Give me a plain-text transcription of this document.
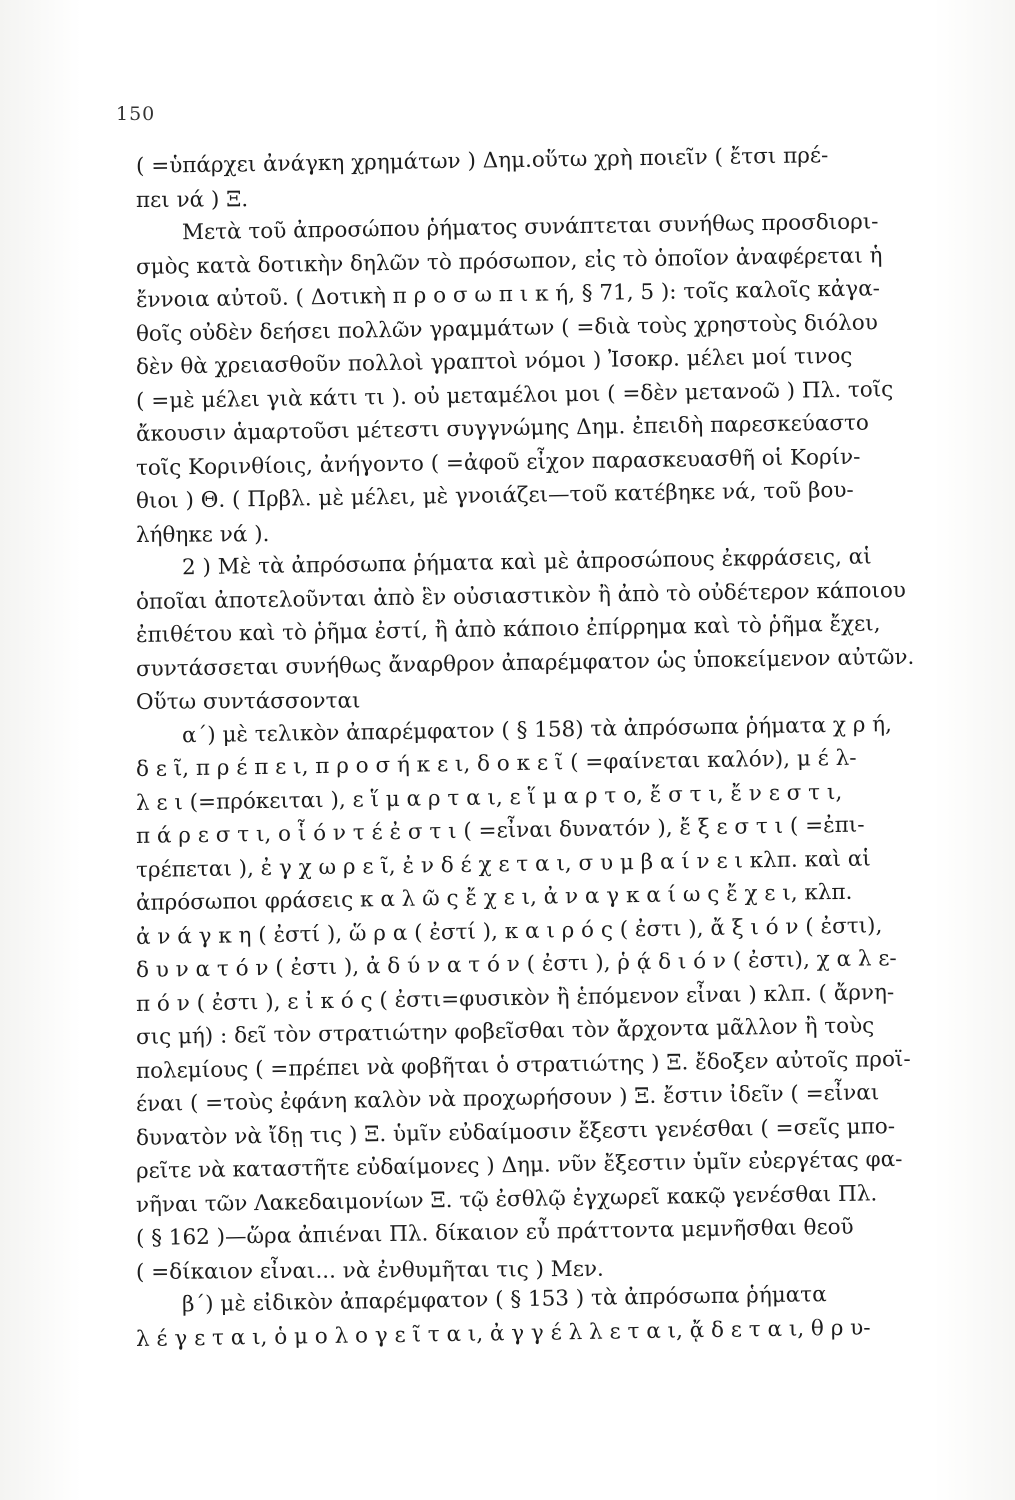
150
( =ὑπάρχει ἀνάγκη χρημάτων ) Δημ.οὕτω χρὴ ποιεῖν ( ἔτσι πρέ-
πει νά ) Ξ.
Μετὰ τοῦ ἀπροσώπου ῥήματος συνάπτεται συνήθως προσδιορι-
σμὸς κατὰ δοτικὴν δηλῶν τὸ πρόσωπον, εἰς τὸ ὁποῖον ἀναφέρεται ἡ
ἔννοια αὐτοῦ. ( Δοτικὴ π ρ ο σ ω π ι κ ή, § 71, 5 ): τοῖς καλοῖς κἀγα-
θοῖς οὐδὲν δεήσει πολλῶν γραμμάτων ( =διὰ τοὺς χρηστοὺς διόλου
δὲν θὰ χρειασθοῦν πολλοὶ γραπτοὶ νόμοι ) Ἰσοκρ. μέλει μοί τινος
( =μὲ μέλει γιὰ κάτι τι ). οὐ μεταμέλοι μοι ( =δὲν μετανοῶ ) Πλ. τοῖς
ἄκουσιν ἁμαρτοῦσι μέτεστι συγγνώμης Δημ. ἐπειδὴ παρεσκεύαστο
τοῖς Κορινθίοις, ἀνήγοντο ( =ἀφοῦ εἶχον παρασκευασθῆ οἱ Κορίν-
θιοι ) Θ. ( Πρβλ. μὲ μέλει, μὲ γνοιάζει—τοῦ κατέβηκε νά, τοῦ βου-
λήθηκε νά ).
2 ) Μὲ τὰ ἀπρόσωπα ῥήματα καὶ μὲ ἀπροσώπους ἐκφράσεις, αἱ
ὁποῖαι ἀποτελοῦνται ἀπὸ ἓν οὐσιαστικὸν ἢ ἀπὸ τὸ οὐδέτερον κάποιου
ἐπιθέτου καὶ τὸ ῥῆμα ἐστί, ἢ ἀπὸ κάποιο ἐπίρρημα καὶ τὸ ῥῆμα ἔχει,
συντάσσεται συνήθως ἄναρθρον ἀπαρέμφατον ὡς ὑποκείμενον αὐτῶν.
Οὕτω συντάσσονται
α΄) μὲ τελικὸν ἀπαρέμφατον ( § 158) τὰ ἀπρόσωπα ῥήματα χ ρ ή,
δ ε ῖ, π ρ έ π ε ι, π ρ ο σ ή κ ε ι, δ ο κ ε ῖ ( =φαίνεται καλόν), μ έ λ-
λ ε ι (=πρόκειται ), ε ἵ μ α ρ τ α ι, ε ἵ μ α ρ τ ο, ἔ σ τ ι, ἔ ν ε σ τ ι,
π ά ρ ε σ τ ι, ο ἷ ό ν τ έ ἐ σ τ ι ( =εἶναι δυνατόν ), ἔ ξ ε σ τ ι ( =ἐπι-
τρέπεται ), ἐ γ χ ω ρ ε ῖ, ἐ ν δ έ χ ε τ α ι, σ υ μ β α ί ν ε ι κλπ. καὶ αἱ
ἀπρόσωποι φράσεις κ α λ ῶ ς ἔ χ ε ι, ἀ ν α γ κ α ί ω ς ἔ χ ε ι, κλπ.
ἀ ν ά γ κ η ( ἐστί ), ὥ ρ α ( ἐστί ), κ α ι ρ ό ς ( ἐστι ), ἄ ξ ι ό ν ( ἐστι),
δ υ ν α τ ό ν ( ἐστι ), ἀ δ ύ ν α τ ό ν ( ἐστι ), ῥ ᾴ δ ι ό ν ( ἐστι), χ α λ ε-
π ό ν ( ἐστι ), ε ἰ κ ό ς ( ἐστι=φυσικὸν ἢ ἑπόμενον εἶναι ) κλπ. ( ἄρνη-
σις μή) : δεῖ τὸν στρατιώτην φοβεῖσθαι τὸν ἄρχοντα μᾶλλον ἢ τοὺς
πολεμίους ( =πρέπει νὰ φοβῆται ὁ στρατιώτης ) Ξ. ἔδοξεν αὐτοῖς προϊ-
έναι ( =τοὺς ἐφάνη καλὸν νὰ προχωρήσουν ) Ξ. ἔστιν ἰδεῖν ( =εἶναι
δυνατὸν νὰ ἴδῃ τις ) Ξ. ὑμῖν εὐδαίμοσιν ἔξεστι γενέσθαι ( =σεῖς μπο-
ρεῖτε νὰ καταστῆτε εὐδαίμονες ) Δημ. νῦν ἔξεστιν ὑμῖν εὐεργέτας φα-
νῆναι τῶν Λακεδαιμονίων Ξ. τῷ ἐσθλῷ ἐγχωρεῖ κακῷ γενέσθαι Πλ.
( § 162 )—ὥρα ἀπιέναι Πλ. δίκαιον εὖ πράττοντα μεμνῆσθαι θεοῦ
( =δίκαιον εἶναι... νὰ ἐνθυμῆται τις ) Μεν.
β΄) μὲ εἰδικὸν ἀπαρέμφατον ( § 153 ) τὰ ἀπρόσωπα ῥήματα
λ έ γ ε τ α ι, ὁ μ ο λ ο γ ε ῖ τ α ι, ἀ γ γ έ λ λ ε τ α ι, ᾄ δ ε τ α ι, θ ρ υ-
